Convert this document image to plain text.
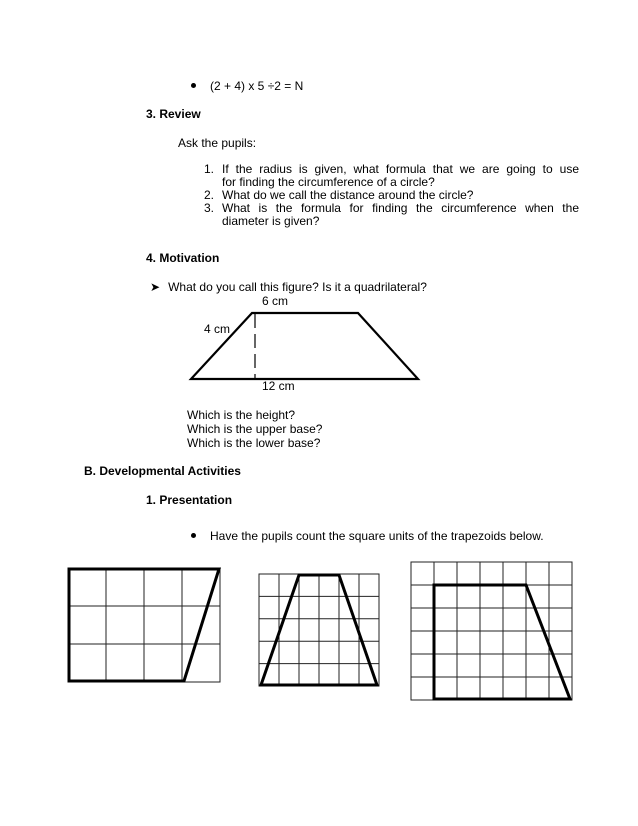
(2 + 4) x 5 ÷2 = N
3. Review
Ask the pupils:
1. If the radius is given, what formula that we are going to use
for finding the circumference of a circle?
2. What do we call the distance around the circle?
3. What is the formula for finding the circumference when the
diameter is given?
4. Motivation
➤ What do you call this figure? Is it a quadrilateral?
6 cm
4 cm
12 cm
Which is the height?
Which is the upper base?
Which is the lower base?
B. Developmental Activities
1. Presentation
Have the pupils count the square units of the trapezoids below.
